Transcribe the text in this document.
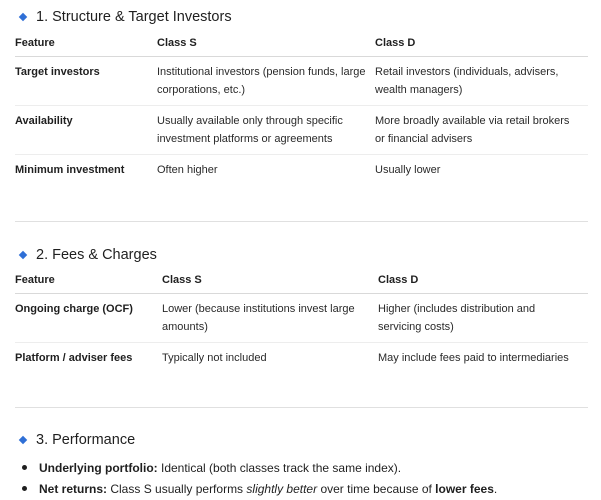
1. Structure & Target Investors
Feature	Class S	Class D
Target investors	Institutional investors (pension funds, large corporations, etc.)	Retail investors (individuals, advisers, wealth managers)
Availability	Usually available only through specific investment platforms or agreements	More broadly available via retail brokers or financial advisers
Minimum investment	Often higher	Usually lower
2. Fees & Charges
Feature	Class S	Class D
Ongoing charge (OCF)	Lower (because institutions invest large amounts)	Higher (includes distribution and servicing costs)
Platform / adviser fees	Typically not included	May include fees paid to intermediaries
3. Performance
Underlying portfolio: Identical (both classes track the same index).
Net returns: Class S usually performs slightly better over time because of lower fees.
